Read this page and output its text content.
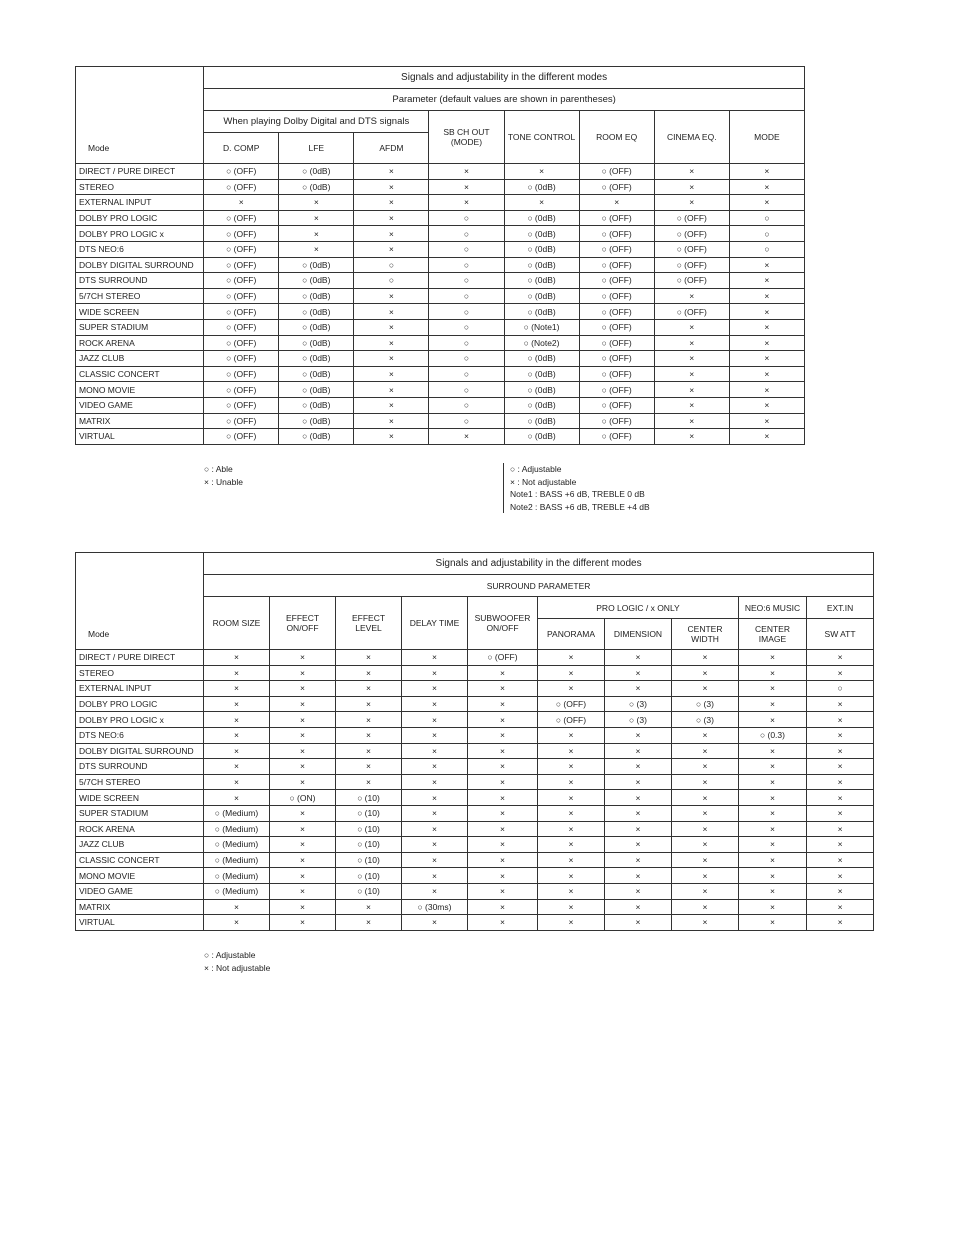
Mode	Signals and adjustability in the different modes							
	Parameter (default values are shown in parentheses)							
	When playing Dolby Digital and DTS signals			SB CH OUT (MODE)	TONE CONTROL	ROOM EQ	CINEMA EQ.	MODE
	D. COMP	LFE	AFDM					
DIRECT / PURE DIRECT	○ (OFF)	○ (0dB)	×	×	×	○ (OFF)	×	×
STEREO	○ (OFF)	○ (0dB)	×	×	○ (0dB)	○ (OFF)	×	×
EXTERNAL INPUT	×	×	×	×	×	×	×	×
DOLBY PRO LOGIC	○ (OFF)	×	×	○	○ (0dB)	○ (OFF)	○ (OFF)	○
DOLBY PRO LOGIC x	○ (OFF)	×	×	○	○ (0dB)	○ (OFF)	○ (OFF)	○
DTS NEO:6	○ (OFF)	×	×	○	○ (0dB)	○ (OFF)	○ (OFF)	○
DOLBY DIGITAL SURROUND	○ (OFF)	○ (0dB)	○	○	○ (0dB)	○ (OFF)	○ (OFF)	×
DTS SURROUND	○ (OFF)	○ (0dB)	○	○	○ (0dB)	○ (OFF)	○ (OFF)	×
5/7CH STEREO	○ (OFF)	○ (0dB)	×	○	○ (0dB)	○ (OFF)	×	×
WIDE SCREEN	○ (OFF)	○ (0dB)	×	○	○ (0dB)	○ (OFF)	○ (OFF)	×
SUPER STADIUM	○ (OFF)	○ (0dB)	×	○	○ (Note1)	○ (OFF)	×	×
ROCK ARENA	○ (OFF)	○ (0dB)	×	○	○ (Note2)	○ (OFF)	×	×
JAZZ CLUB	○ (OFF)	○ (0dB)	×	○	○ (0dB)	○ (OFF)	×	×
CLASSIC CONCERT	○ (OFF)	○ (0dB)	×	○	○ (0dB)	○ (OFF)	×	×
MONO MOVIE	○ (OFF)	○ (0dB)	×	○	○ (0dB)	○ (OFF)	×	×
VIDEO GAME	○ (OFF)	○ (0dB)	×	○	○ (0dB)	○ (OFF)	×	×
MATRIX	○ (OFF)	○ (0dB)	×	○	○ (0dB)	○ (OFF)	×	×
VIRTUAL	○ (OFF)	○ (0dB)	×	×	○ (0dB)	○ (OFF)	×	×
○ : Able
× : Unable
○ : Adjustable
× : Not adjustable
Note1 : BASS +6 dB, TREBLE 0 dB
Note2 : BASS +6 dB, TREBLE +4 dB
Mode	Signals and adjustability in the different modes									
	SURROUND PARAMETER									
	ROOM SIZE	EFFECT ON/OFF	EFFECT LEVEL	DELAY TIME	SUBWOOFER ON/OFF	PRO LOGIC / x ONLY			NEO:6 MUSIC	EXT.IN
						PANORAMA	DIMENSION	CENTER WIDTH	CENTER IMAGE	SW ATT
DIRECT / PURE DIRECT	×	×	×	×	○ (OFF)	×	×	×	×	×
STEREO	×	×	×	×	×	×	×	×	×	×
EXTERNAL INPUT	×	×	×	×	×	×	×	×	×	○
DOLBY PRO LOGIC	×	×	×	×	×	○ (OFF)	○ (3)	○ (3)	×	×
DOLBY PRO LOGIC x	×	×	×	×	×	○ (OFF)	○ (3)	○ (3)	×	×
DTS NEO:6	×	×	×	×	×	×	×	×	○ (0.3)	×
DOLBY DIGITAL SURROUND	×	×	×	×	×	×	×	×	×	×
DTS SURROUND	×	×	×	×	×	×	×	×	×	×
5/7CH STEREO	×	×	×	×	×	×	×	×	×	×
WIDE SCREEN	×	○ (ON)	○ (10)	×	×	×	×	×	×	×
SUPER STADIUM	○ (Medium)	×	○ (10)	×	×	×	×	×	×	×
ROCK ARENA	○ (Medium)	×	○ (10)	×	×	×	×	×	×	×
JAZZ CLUB	○ (Medium)	×	○ (10)	×	×	×	×	×	×	×
CLASSIC CONCERT	○ (Medium)	×	○ (10)	×	×	×	×	×	×	×
MONO MOVIE	○ (Medium)	×	○ (10)	×	×	×	×	×	×	×
VIDEO GAME	○ (Medium)	×	○ (10)	×	×	×	×	×	×	×
MATRIX	×	×	×	○ (30ms)	×	×	×	×	×	×
VIRTUAL	×	×	×	×	×	×	×	×	×	×
○ : Adjustable
× : Not adjustable
